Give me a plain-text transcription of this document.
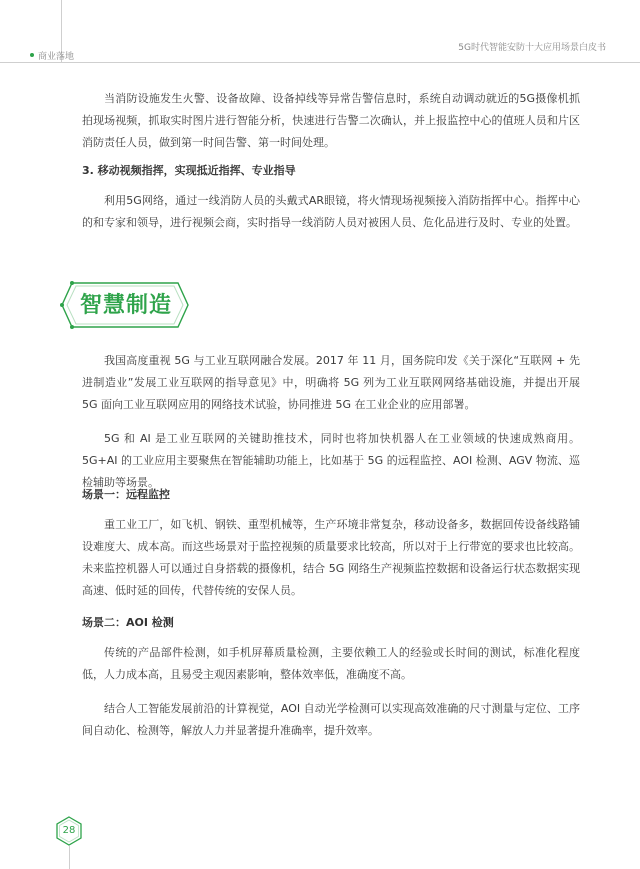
商业落地
5G时代智能安防十大应用场景白皮书

当消防设施发生火警、设备故障、设备掉线等异常告警信息时，系统自动调动就近的5G摄像机抓拍现场视频，抓取实时图片进行智能分析，快速进行告警二次确认，并上报监控中心的值班人员和片区消防责任人员，做到第一时间告警、第一时间处理。

3. 移动视频指挥，实现抵近指挥、专业指导

利用5G网络，通过一线消防人员的头戴式AR眼镜，将火情现场视频接入消防指挥中心。指挥中心的和专家和领导，进行视频会商，实时指导一线消防人员对被困人员、危化品进行及时、专业的处置。

智慧制造

我国高度重视 5G 与工业互联网融合发展。2017 年 11 月，国务院印发《关于深化“互联网 + 先进制造业”发展工业互联网的指导意见》中，明确将 5G 列为工业互联网网络基础设施，并提出开展 5G 面向工业互联网应用的网络技术试验，协同推进 5G 在工业企业的应用部署。

5G 和 AI 是工业互联网的关键助推技术，同时也将加快机器人在工业领域的快速成熟商用。5G+AI 的工业应用主要聚焦在智能辅助功能上，比如基于 5G 的远程监控、AOI 检测、AGV 物流、巡检辅助等场景。

场景一：远程监控

重工业工厂，如飞机、钢铁、重型机械等，生产环境非常复杂，移动设备多，数据回传设备线路铺设难度大、成本高。而这些场景对于监控视频的质量要求比较高，所以对于上行带宽的要求也比较高。未来监控机器人可以通过自身搭载的摄像机，结合 5G 网络生产视频监控数据和设备运行状态数据实现高速、低时延的回传，代替传统的安保人员。

场景二：AOI 检测

传统的产品部件检测，如手机屏幕质量检测，主要依赖工人的经验或长时间的测试，标准化程度低，人力成本高，且易受主观因素影响，整体效率低，准确度不高。

结合人工智能发展前沿的计算视觉，AOI 自动光学检测可以实现高效准确的尺寸测量与定位、工序间自动化、检测等，解放人力并显著提升准确率，提升效率。

28
